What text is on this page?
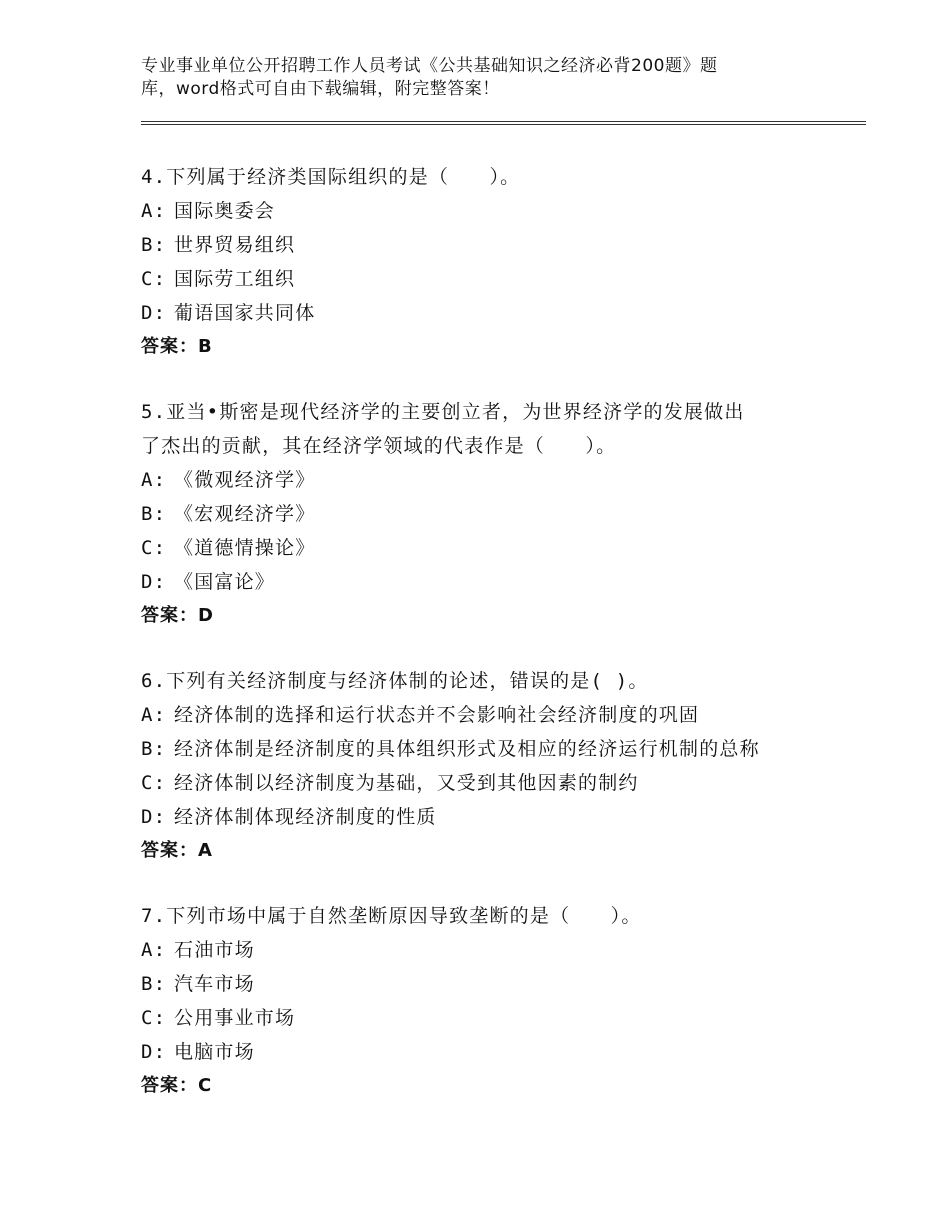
专业事业单位公开招聘工作人员考试《公共基础知识之经济必背200题》题
库，word格式可自由下载编辑，附完整答案！
4.下列属于经济类国际组织的是（　　）。
A: 国际奥委会
B: 世界贸易组织
C: 国际劳工组织
D: 葡语国家共同体
答案：B
5.亚当•斯密是现代经济学的主要创立者，为世界经济学的发展做出
了杰出的贡献，其在经济学领域的代表作是（　　）。
A: 《微观经济学》
B: 《宏观经济学》
C: 《道德情操论》
D: 《国富论》
答案：D
6.下列有关经济制度与经济体制的论述，错误的是( )。
A: 经济体制的选择和运行状态并不会影响社会经济制度的巩固
B: 经济体制是经济制度的具体组织形式及相应的经济运行机制的总称
C: 经济体制以经济制度为基础，又受到其他因素的制约
D: 经济体制体现经济制度的性质
答案：A
7.下列市场中属于自然垄断原因导致垄断的是（　　）。
A: 石油市场
B: 汽车市场
C: 公用事业市场
D: 电脑市场
答案：C
